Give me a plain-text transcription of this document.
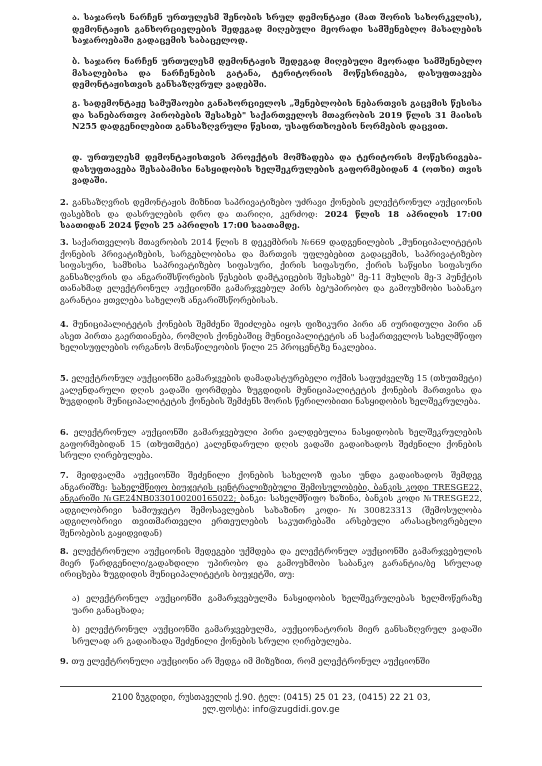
ა. საჯაროს ნარჩენ ურთულესმ შენობის სრულ დემონტაჟი (მათ შორის სახორკვლის), დემონტაჟის განხორციელების შედეგად მიღებული მეორადი სამშენებლო მასალების საჯაროებაში გადაცემის საბაცელოდ.

ბ. საჯარო ნარჩენ ურთულესმ დემონტაჟის შედეგად მიღებული მეორადი სამშენებლო მასალებისა და ნარჩენების გატანა, ტერიტორიის მოწესრიგება, დასუფთავება დემონტაჟისთვის განსაზღვრულ ვადებში.

გ. სადემონტაჟე სამუშაოები განახორციელოს „შენებლობის ნებართვის გაცემის წესისა და სანებართვო პირობების შესახებ" საქართველოს მთავრობის 2019 წლის 31 მაისის N255 დადგენილებით განსაზღვრული წესით, უსაფრთხოების ნორმების დაცვით.

დ. ურთულესმ დემონტაჟისთვის პროექტის მომზადება და ტერიტორის მოწესრიგება-დასუფთავება შესაბამისი ნასყიდობის ხელშეკრულების გაფორმებიდან 4 (ოთხი) თვის ვადაში.

2. განსაზღვრის დემონტაჟის მიზნით საპრივატიზებო უძრავი ქონების ელექტრონულ აუქციონის ფასებზის და დასრულების დრო და თარიღი, კერძოდ: 2024 წლის 18 აპრილის 17:00 საათიდან 2024 წლის 25 აპრილის 17:00 საათამდე.

3. საქართველოს მთავრობის 2014 წლის 8 დეკემბრის №669 დადგენილების „მუნიციპალიტეტის ქონების პრივატიზების, სარგებლობისა და მართვის უფლებებით გადაცემის, საპრივატიზებო სიფასური, სამხისა საპრივატიზებო სიფასური, ქირის სიფასური, ქირის საწყისი სიფასური განსაზღვრის და ანგარიშსწორების წესების დამტკიცების შესახებ" მე-11 მუხლის მე-3 პუნქტის თანახმად ელექტრონულ აუქციონში გამარჯვებულ პირს ბე/უპირობო და გამოუხმობი საბანკო გარანტია ჟთვლება სახელოზ ანგარიშსწორებისას.

4. მუნიციპალიტეტის ქონების შემძენი შეიძლება იყოს ფიზიკური პირი ან იურიდიული პირი ან ასეთ პირთა გაერთიანება, რომლის ქონებაშიც მუნიციპალიტეტის ან საქართველოს სახელმწიფო ხელისუფლების ორგანოს მონაწილეობის წილი 25 პროცენტზე ნაკლებია.

5. ელექტრონულ აუქციონში გამარჯვების დამადასტურებელი ოქმის საფუძველზე 15 (თხუთმეტი) კალენდარული დღის ვადაში ფორმდება ზუგდიდის მუნიციპალიტეტის ქონების მართვისა და ზუგდიდის მუნიციპალიტეტის ქონების შემძენს შორის წერილობითი ნასყიდობის ხელშეკრულება.

6. ელექტრონულ აუქციონში გამარჯვებული პირი ვალდებულია ნასყიდობის ხელშეკრულების გაფორმებიდან 15 (თხუთმეტი) კალენდარული დღის ვადაში გადაიხადოს შეძენილი ქონების სრული ღირებულება.

7. მეიდვალმა აუქციონში შეძენილი ქონების სახელოზ ფასი უნდა გადაიხადოს შემდეგ ანგარიშზე: სახელმწიფო ბიუჯეტის ცენტრალიზებული შემოსულობები, ბანკის კოდი TRESGE22, ანგარიში №GE24NB0330100200165022; ბანკი: სახელმწიფო ხაზინა, ბანკის კოდი №TRESGE22, ადგილობრივი სამიუჯეტო შემოსავლების სახაზინო კოდი-№300823313 (შემოსულობა ადგილობრივი თვითმართველი ერთეულების საკუთრებაში არსებული არასაცხოვრებელი შენობების გაყიდვიდან)

8. ელექტრონული აუქციონის შედეგები უქმდება და ელექტრონულ აუქციონში გამარჯვებულის მიერ წარდგენილი/გადახდილი უპირობო და გამოუხმობი საბანკო გარანტია/ბე სრულად ირიცხება ზუგდიდის მუნიციპალიტეტის ბიუჯეტში, თუ:

ა) ელექტრონულ აუქციონში გამარჯვებულმა ნასყიდობის ხელშეკრულებას ხელმოწერაზე უარი განაცხადა;

ბ) ელექტრონულ აუქციონში გამარჯვებულმა, აუქციონატორის მიერ განსაზღვრულ ვადაში სრულად არ გადაიხადა შეძენილი ქონების სრული ღირებულება.

9. თუ ელექტრონული აუქციონი არ შედგა იმ მიზეზით, რომ ელექტრონულ აუქციონში

2100 ზუგდიდი, რუსთაველის ქ.90. ტელ: (0415) 25 01 23, (0415) 22 21 03,
ელ.ფოსტა: info@zugdidi.gov.ge
